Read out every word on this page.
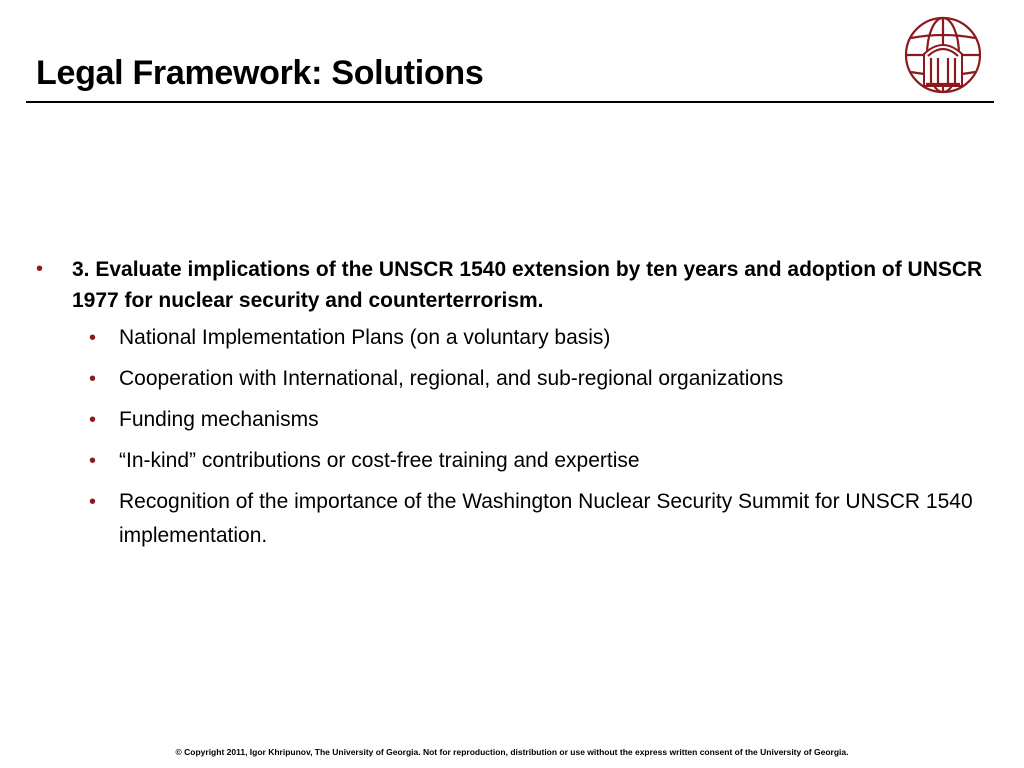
Legal Framework: Solutions
• 3. Evaluate implications of the UNSCR 1540 extension by ten years and adoption of UNSCR 1977 for nuclear security and counterterrorism.
• National Implementation Plans (on a voluntary basis)
• Cooperation with International, regional, and sub-regional organizations
• Funding mechanisms
• “In-kind” contributions or cost-free training and expertise
• Recognition of the importance of the Washington Nuclear Security Summit for UNSCR 1540 implementation.
© Copyright 2011, Igor Khripunov, The University of Georgia. Not for reproduction, distribution or use without the express written consent of the University of Georgia.
